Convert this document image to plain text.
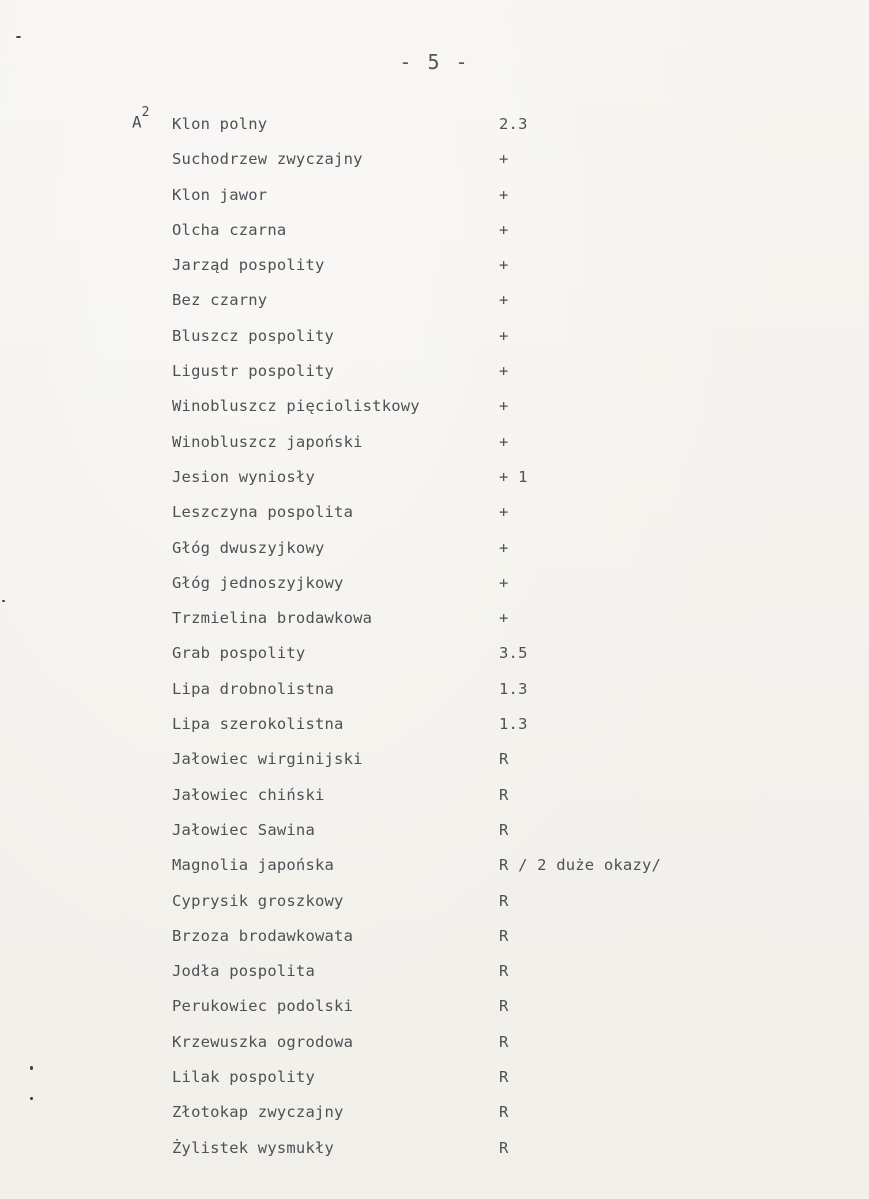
- 5 -
$A^2$
Klon polny	2.3
Suchodrzew zwyczajny	+
Klon jawor	+
Olcha czarna	+
Jarząd pospolity	+
Bez czarny	+
Bluszcz pospolity	+
Ligustr pospolity	+
Winobluszcz pięciolistkowy	+
Winobluszcz japoński	+
Jesion wyniosły	+ 1
Leszczyna pospolita	+
Głóg dwuszyjkowy	+
Głóg jednoszyjkowy	+
Trzmielina brodawkowa	+
Grab pospolity	3.5
Lipa drobnolistna	1.3
Lipa szerokolistna	1.3
Jałowiec wirginijski	R
Jałowiec chiński	R
Jałowiec Sawina	R
Magnolia japońska	R / 2 duże okazy/
Cyprysik groszkowy	R
Brzoza brodawkowata	R
Jodła pospolita	R
Perukowiec podolski	R
Krzewuszka ogrodowa	R
Lilak pospolity	R
Złotokap zwyczajny	R
Żylistek wysmukły	R
